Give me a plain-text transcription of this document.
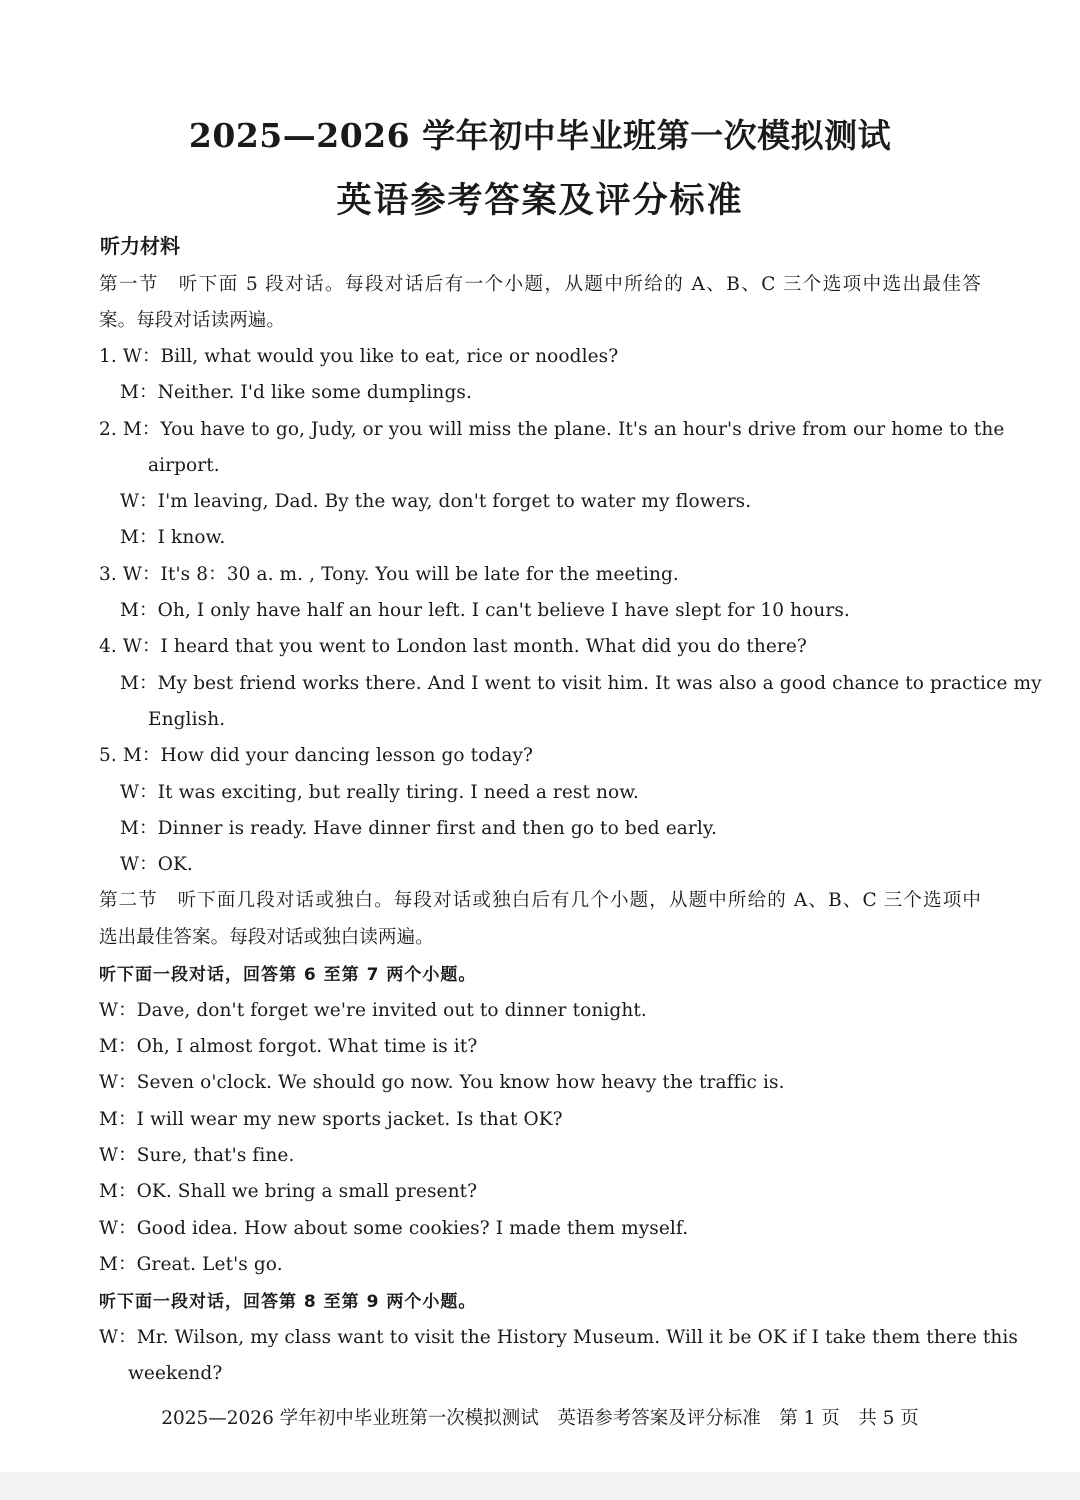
2025—2026 学年初中毕业班第一次模拟测试
英语参考答案及评分标准
听力材料
第一节　听下面 5 段对话。每段对话后有一个小题，从题中所给的 A、B、C 三个选项中选出最佳答
案。每段对话读两遍。
1. W：Bill, what would you like to eat, rice or noodles?
M：Neither. I'd like some dumplings.
2. M：You have to go, Judy, or you will miss the plane. It's an hour's drive from our home to the
airport.
W：I'm leaving, Dad. By the way, don't forget to water my flowers.
M：I know.
3. W：It's 8：30 a. m. , Tony. You will be late for the meeting.
M：Oh, I only have half an hour left. I can't believe I have slept for 10 hours.
4. W：I heard that you went to London last month. What did you do there?
M：My best friend works there. And I went to visit him. It was also a good chance to practice my
English.
5. M：How did your dancing lesson go today?
W：It was exciting, but really tiring. I need a rest now.
M：Dinner is ready. Have dinner first and then go to bed early.
W：OK.
第二节　听下面几段对话或独白。每段对话或独白后有几个小题，从题中所给的 A、B、C 三个选项中
选出最佳答案。每段对话或独白读两遍。
听下面一段对话，回答第 6 至第 7 两个小题。
W：Dave, don't forget we're invited out to dinner tonight.
M：Oh, I almost forgot. What time is it?
W：Seven o'clock. We should go now. You know how heavy the traffic is.
M：I will wear my new sports jacket. Is that OK?
W：Sure, that's fine.
M：OK. Shall we bring a small present?
W：Good idea. How about some cookies? I made them myself.
M：Great. Let's go.
听下面一段对话，回答第 8 至第 9 两个小题。
W：Mr. Wilson, my class want to visit the History Museum. Will it be OK if I take them there this
weekend?
2025—2026 学年初中毕业班第一次模拟测试　英语参考答案及评分标准　第 1 页　共 5 页
